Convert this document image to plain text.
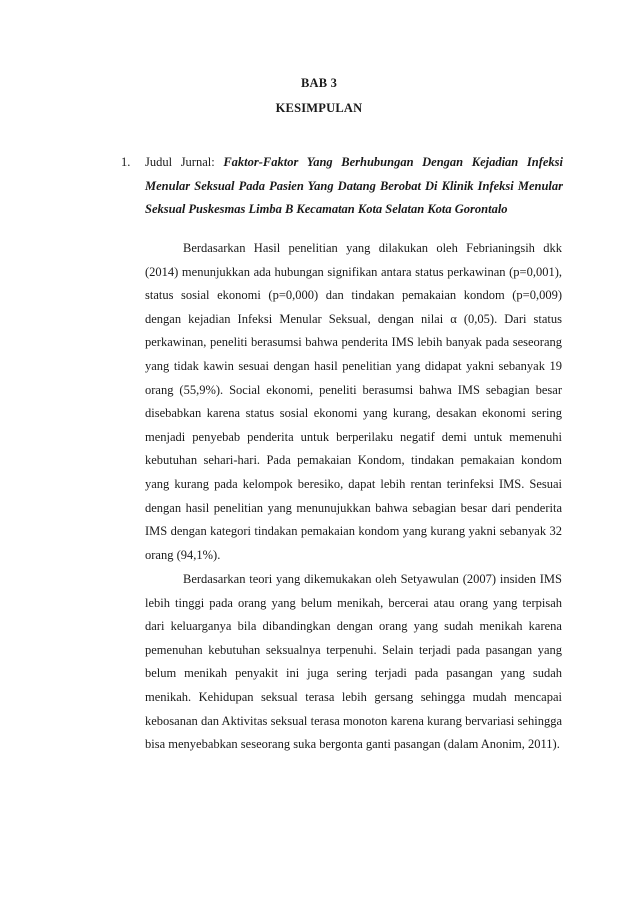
BAB 3
KESIMPULAN
1. Judul Jurnal: Faktor-Faktor Yang Berhubungan Dengan Kejadian Infeksi Menular Seksual Pada Pasien Yang Datang Berobat Di Klinik Infeksi Menular Seksual Puskesmas Limba B Kecamatan Kota Selatan Kota Gorontalo

Berdasarkan Hasil penelitian yang dilakukan oleh Febrianingsih dkk (2014) menunjukkan ada hubungan signifikan antara status perkawinan (p=0,001), status sosial ekonomi (p=0,000) dan tindakan pemakaian kondom (p=0,009) dengan kejadian Infeksi Menular Seksual, dengan nilai α (0,05). Dari status perkawinan, peneliti berasumsi bahwa penderita IMS lebih banyak pada seseorang yang tidak kawin sesuai dengan hasil penelitian yang didapat yakni sebanyak 19 orang (55,9%). Social ekonomi, peneliti berasumsi bahwa IMS sebagian besar disebabkan karena status sosial ekonomi yang kurang, desakan ekonomi sering menjadi penyebab penderita untuk berperilaku negatif demi untuk memenuhi kebutuhan sehari-hari. Pada pemakaian Kondom, tindakan pemakaian kondom yang kurang pada kelompok beresiko, dapat lebih rentan terinfeksi IMS. Sesuai dengan hasil penelitian yang menunujukkan bahwa sebagian besar dari penderita IMS dengan kategori tindakan pemakaian kondom yang kurang yakni sebanyak 32 orang (94,1%).

Berdasarkan teori yang dikemukakan oleh Setyawulan (2007) insiden IMS lebih tinggi pada orang yang belum menikah, bercerai atau orang yang terpisah dari keluarganya bila dibandingkan dengan orang yang sudah menikah karena pemenuhan kebutuhan seksualnya terpenuhi. Selain terjadi pada pasangan yang belum menikah penyakit ini juga sering terjadi pada pasangan yang sudah menikah. Kehidupan seksual terasa lebih gersang sehingga mudah mencapai kebosanan dan Aktivitas seksual terasa monoton karena kurang bervariasi sehingga bisa menyebabkan seseorang suka bergonta ganti pasangan (dalam Anonim, 2011).
